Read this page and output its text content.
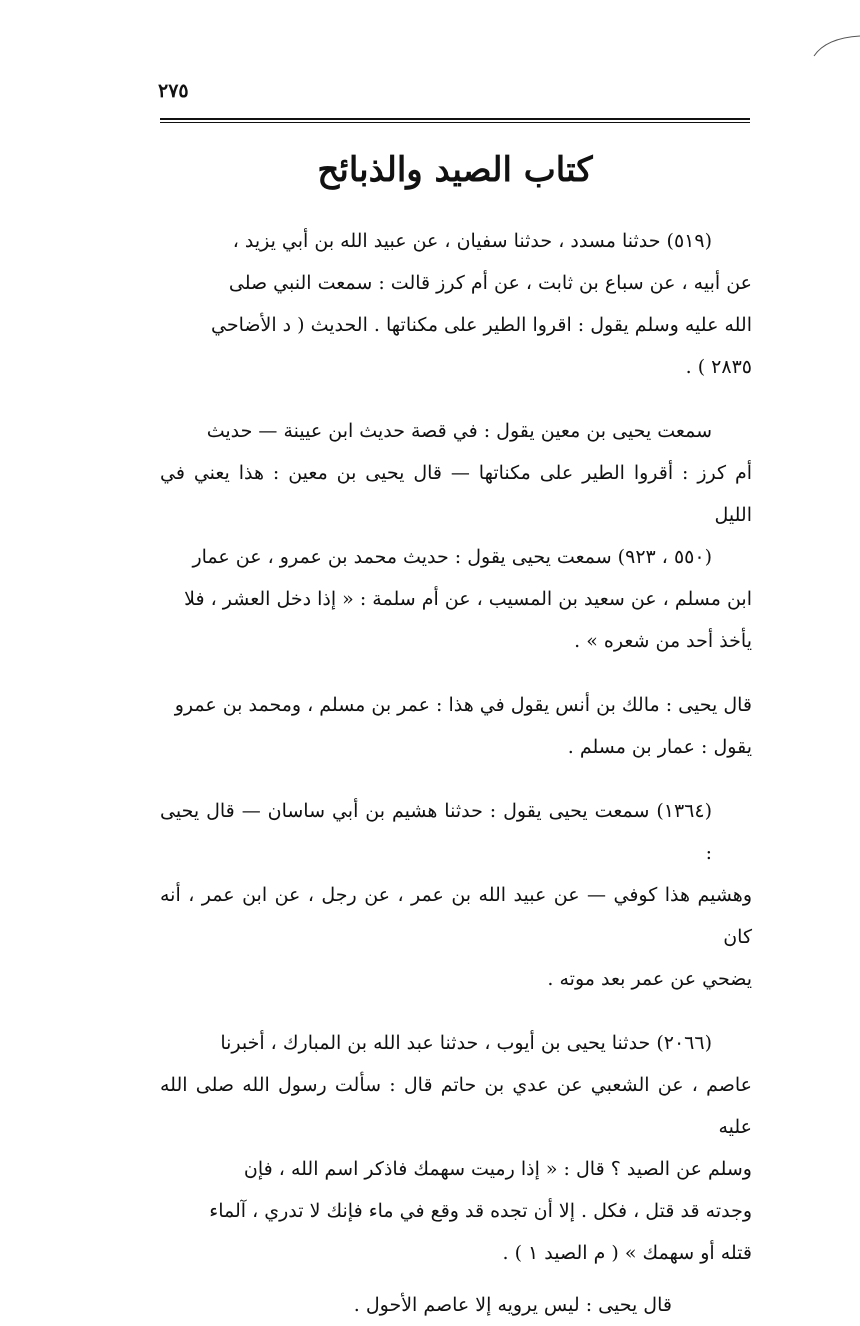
٢٧٥
كتاب الصيد والذبائح

(٥١٩) حدثنا مسدد ، حدثنا سفيان ، عن عبيد الله بن أبي يزيد ،
عن أبيه ، عن سباع بن ثابت ، عن أم كرز قالت : سمعت النبي صلى
الله عليه وسلم يقول : اقروا الطير على مكناتها . الحديث ( د الأضاحي
٢٨٣٥ ) .

سمعت يحيى بن معين يقول : في قصة حديث ابن عيينة — حديث
أم كرز : أقروا الطير على مكناتها — قال يحيى بن معين : هذا يعني في الليل

(٥٥٠ ، ٩٢٣) سمعت يحيى يقول : حديث محمد بن عمرو ، عن عمار
ابن مسلم ، عن سعيد بن المسيب ، عن أم سلمة : « إذا دخل العشر ، فلا
يأخذ أحد من شعره » .

قال يحيى : مالك بن أنس يقول في هذا : عمر بن مسلم ، ومحمد بن عمرو
يقول : عمار بن مسلم .

(١٣٦٤) سمعت يحيى يقول : حدثنا هشيم بن أبي ساسان — قال يحيى :
وهشيم هذا كوفي — عن عبيد الله بن عمر ، عن رجل ، عن ابن عمر ، أنه كان
يضحي عن عمر بعد موته .

(٢٠٦٦) حدثنا يحيى بن أيوب ، حدثنا عبد الله بن المبارك ، أخبرنا
عاصم ، عن الشعبي عن عدي بن حاتم قال : سألت رسول الله صلى الله عليه
وسلم عن الصيد ؟ قال : « إذا رميت سهمك فاذكر اسم الله ، فإن
وجدته قد قتل ، فكل . إلا أن تجده قد وقع في ماء فإنك لا تدري ، آلماء
قتله أو سهمك » ( م الصيد ١ ) .

قال يحيى : ليس يرويه إلا عاصم الأحول .
